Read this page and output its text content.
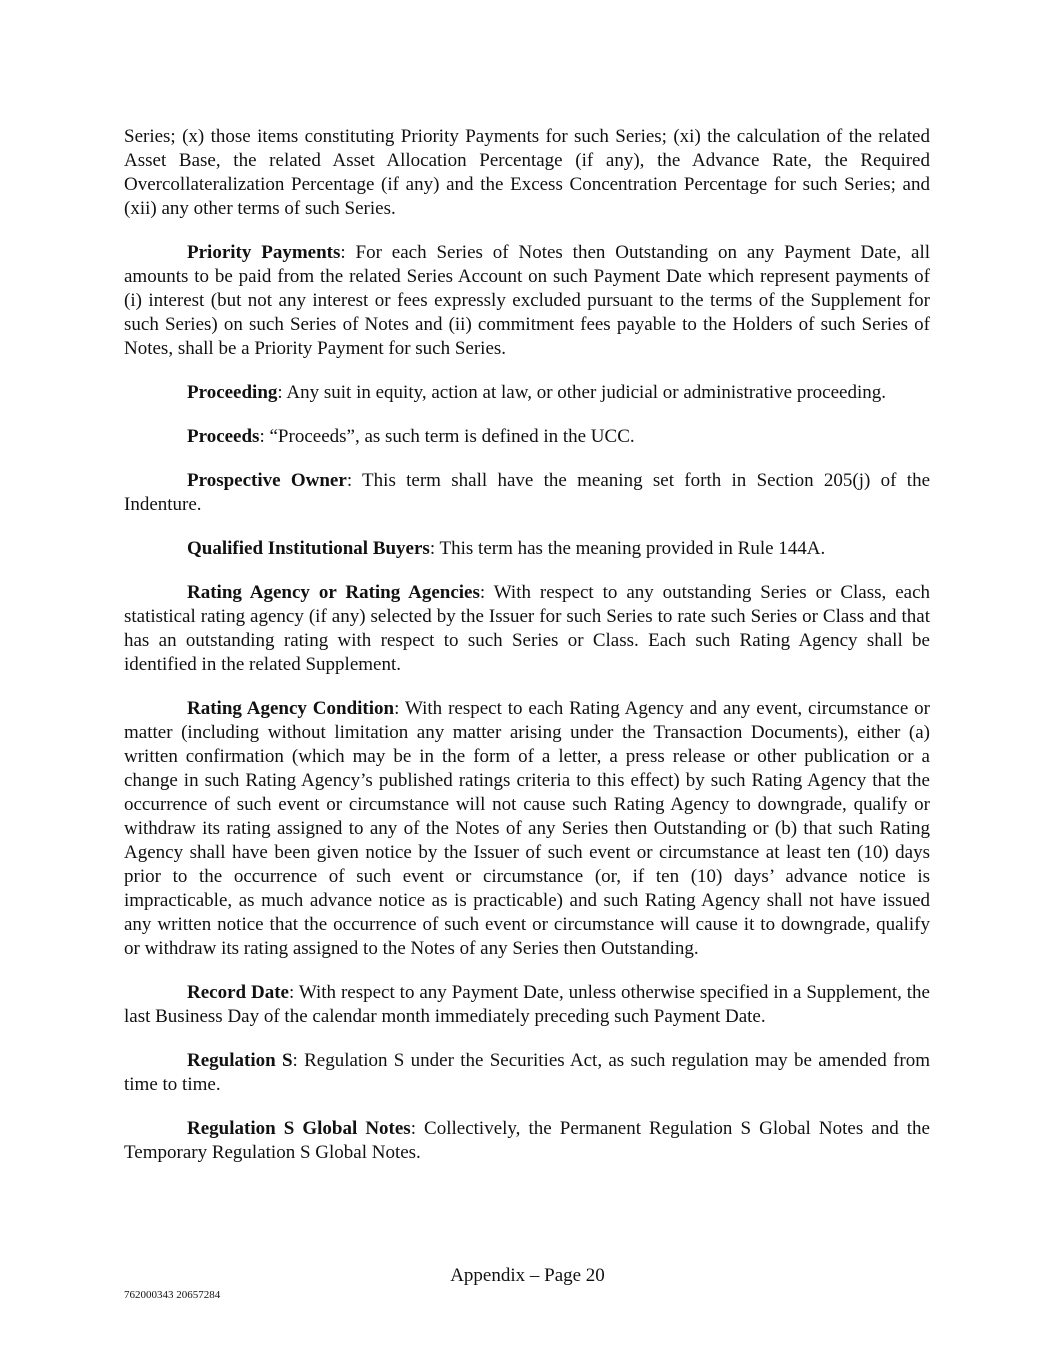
Series; (x) those items constituting Priority Payments for such Series; (xi) the calculation of the related Asset Base, the related Asset Allocation Percentage (if any), the Advance Rate, the Required Overcollateralization Percentage (if any) and the Excess Concentration Percentage for such Series; and (xii) any other terms of such Series.

Priority Payments: For each Series of Notes then Outstanding on any Payment Date, all amounts to be paid from the related Series Account on such Payment Date which represent payments of (i) interest (but not any interest or fees expressly excluded pursuant to the terms of the Supplement for such Series) on such Series of Notes and (ii) commitment fees payable to the Holders of such Series of Notes, shall be a Priority Payment for such Series.

Proceeding: Any suit in equity, action at law, or other judicial or administrative proceeding.

Proceeds: “Proceeds”, as such term is defined in the UCC.

Prospective Owner: This term shall have the meaning set forth in Section 205(j) of the Indenture.

Qualified Institutional Buyers: This term has the meaning provided in Rule 144A.

Rating Agency or Rating Agencies: With respect to any outstanding Series or Class, each statistical rating agency (if any) selected by the Issuer for such Series to rate such Series or Class and that has an outstanding rating with respect to such Series or Class. Each such Rating Agency shall be identified in the related Supplement.

Rating Agency Condition: With respect to each Rating Agency and any event, circumstance or matter (including without limitation any matter arising under the Transaction Documents), either (a) written confirmation (which may be in the form of a letter, a press release or other publication or a change in such Rating Agency’s published ratings criteria to this effect) by such Rating Agency that the occurrence of such event or circumstance will not cause such Rating Agency to downgrade, qualify or withdraw its rating assigned to any of the Notes of any Series then Outstanding or (b) that such Rating Agency shall have been given notice by the Issuer of such event or circumstance at least ten (10) days prior to the occurrence of such event or circumstance (or, if ten (10) days’ advance notice is impracticable, as much advance notice as is practicable) and such Rating Agency shall not have issued any written notice that the occurrence of such event or circumstance will cause it to downgrade, qualify or withdraw its rating assigned to the Notes of any Series then Outstanding.

Record Date: With respect to any Payment Date, unless otherwise specified in a Supplement, the last Business Day of the calendar month immediately preceding such Payment Date.

Regulation S: Regulation S under the Securities Act, as such regulation may be amended from time to time.

Regulation S Global Notes: Collectively, the Permanent Regulation S Global Notes and the Temporary Regulation S Global Notes.

Appendix – Page 20
762000343 20657284
